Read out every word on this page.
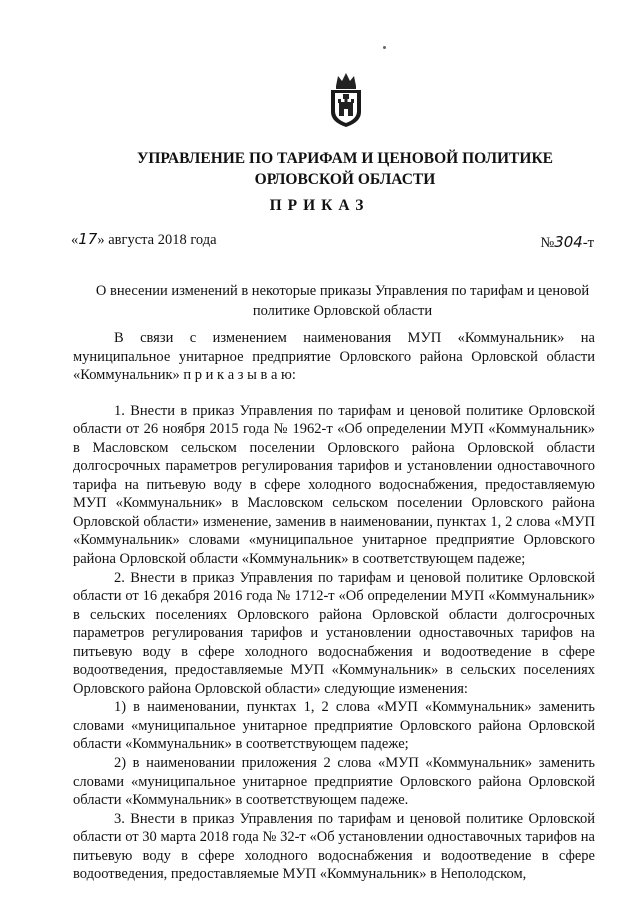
УПРАВЛЕНИЕ ПО ТАРИФАМ И ЦЕНОВОЙ ПОЛИТИКЕ
ОРЛОВСКОЙ ОБЛАСТИ
ПРИКАЗ
«17» августа 2018 года	№304-т
О внесении изменений в некоторые приказы Управления по тарифам и ценовой
политике Орловской области

В связи с изменением наименования МУП «Коммунальник» на муниципальное унитарное предприятие Орловского района Орловской области «Коммунальник» п р и к а з ы в а ю:

1. Внести в приказ Управления по тарифам и ценовой политике Орловской области от 26 ноября 2015 года № 1962-т «Об определении МУП «Коммунальник» в Масловском сельском поселении Орловского района Орловской области долгосрочных параметров регулирования тарифов и установлении одноставочного тарифа на питьевую воду в сфере холодного водоснабжения, предоставляемую МУП «Коммунальник» в Масловском сельском поселении Орловского района Орловской области» изменение, заменив в наименовании, пунктах 1, 2 слова «МУП «Коммунальник» словами «муниципальное унитарное предприятие Орловского района Орловской области «Коммунальник» в соответствующем падеже;

2. Внести в приказ Управления по тарифам и ценовой политике Орловской области от 16 декабря 2016 года № 1712-т «Об определении МУП «Коммунальник» в сельских поселениях Орловского района Орловской области долгосрочных параметров регулирования тарифов и установлении одноставочных тарифов на питьевую воду в сфере холодного водоснабжения и водоотведение в сфере водоотведения, предоставляемые МУП «Коммунальник» в сельских поселениях Орловского района Орловской области» следующие изменения:

1) в наименовании, пунктах 1, 2 слова «МУП «Коммунальник» заменить словами «муниципальное унитарное предприятие Орловского района Орловской области «Коммунальник» в соответствующем падеже;

2) в наименовании приложения 2 слова «МУП «Коммунальник» заменить словами «муниципальное унитарное предприятие Орловского района Орловской области «Коммунальник» в соответствующем падеже.

3. Внести в приказ Управления по тарифам и ценовой политике Орловской области от 30 марта 2018 года № 32-т «Об установлении одноставочных тарифов на питьевую воду в сфере холодного водоснабжения и водоотведение в сфере водоотведения, предоставляемые МУП «Коммунальник» в Неполодском,
